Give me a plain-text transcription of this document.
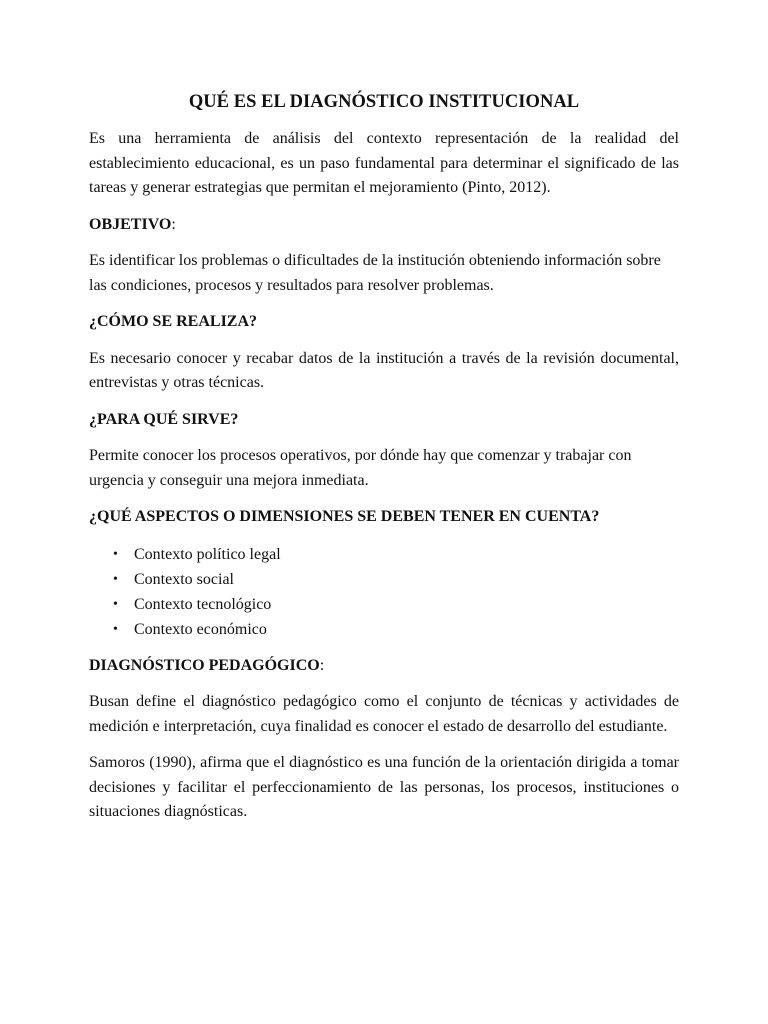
QUÉ ES EL DIAGNÓSTICO INSTITUCIONAL

Es una herramienta de análisis del contexto representación de la realidad del establecimiento educacional, es un paso fundamental para determinar el significado de las tareas y generar estrategias que permitan el mejoramiento (Pinto, 2012).

OBJETIVO:

Es identificar los problemas o dificultades de la institución obteniendo información sobre las condiciones, procesos y resultados para resolver problemas.

¿CÓMO SE REALIZA?

Es necesario conocer y recabar datos de la institución a través de la revisión documental, entrevistas y otras técnicas.

¿PARA QUÉ SIRVE?

Permite conocer los procesos operativos, por dónde hay que comenzar y trabajar con urgencia y conseguir una mejora inmediata.

¿QUÉ ASPECTOS O DIMENSIONES SE DEBEN TENER EN CUENTA?
• Contexto político legal
• Contexto social
• Contexto tecnológico
• Contexto económico
DIAGNÓSTICO PEDAGÓGICO:

Busan define el diagnóstico pedagógico como el conjunto de técnicas y actividades de medición e interpretación, cuya finalidad es conocer el estado de desarrollo del estudiante.

Samoros (1990), afirma que el diagnóstico es una función de la orientación dirigida a tomar decisiones y facilitar el perfeccionamiento de las personas, los procesos, instituciones o situaciones diagnósticas.
